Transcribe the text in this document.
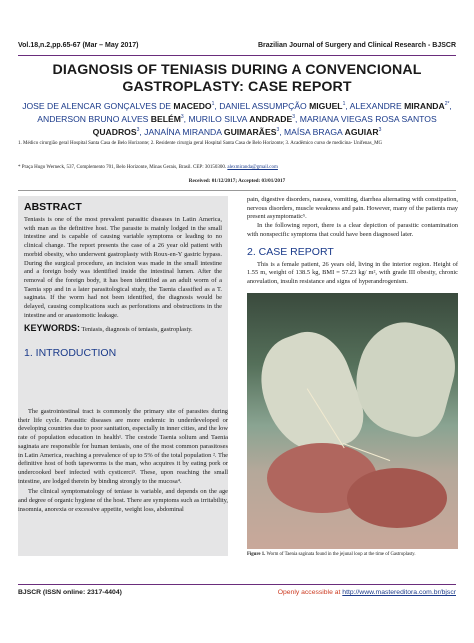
Vol.18,n.2,pp.65-67 (Mar – May 2017)	Brazilian Journal of Surgery and Clinical Research - BJSCR
DIAGNOSIS OF TENIASIS DURING A CONVENCIONAL
GASTROPLASTY: CASE REPORT
JOSE DE ALENCAR GONÇALVES DE MACEDO$^1$, DANIEL ASSUMPÇÃO MIGUEL$^1$, ALEXANDRE $MIRANDA^{2*}$, ANDERSON BRUNO ALVES BELÉM$^3$, MURILO SILVA ANDRADE$^3$, MARIANA VIEGAS ROSA SANTOS QUADROS$^3$, JANAÍNA MIRANDA GUIMARÃES$^3$, MAÍSA BRAGA AGUIAR$^3$
1. Médico cirurgião geral Hospital Santa Casa de Belo Horizonte; 2. Residente cirurgia geral Hospital Santa Casa de Belo Horizonte; 3. Acadêmico curso de medicina- Unifenas_MG
* Praça Hugo Werneck, 537, Complemento 701, Belo Horizonte, Minas Gerais, Brasil. CEP: 30150300. alexmiranda@gmail.com
Received: 01/12/2017; Accepted: 03/01/2017
ABSTRACT

Teniasis is one of the most prevalent parasitic diseases in Latin America, with man as the definitive host. The parasite is mainly lodged in the small intestine and is capable of causing variable symptoms or leading to no clinical change. The report presents the case of a 26 year old patient with morbid obesity, who underwent gastroplasty with Roux-en-Y gastric bypass. During the surgical procedure, an incision was made in the small intestine and a foreign body was identified inside the intestinal lumen. After the removal of the foreign body, it has been identified as an adult worm of a Taenia spp and in a later parasitological study, the Taenia classified as a T. saginata. If the worm had not been identified, the diagnosis would be delayed, causing complications such as perforations and obstructions in the intestine and or anastomotic leakage.

KEYWORDS: Teniasis, diagnosis of teniasis, gastroplasty.
1. INTRODUCTION

The gastrointestinal tract is commonly the primary site of parasites during their life cycle. Parasitic diseases are more endemic in underdeveloped or developing countries due to poor sanitation, especially in inner cities, and the low rate of population education in health¹. The cestode Taenia solium and Taenia saginata are responsible for human teniasis, one of the most common parasitoses in Latin America, reaching a prevalence of up to 5% of the total population ². The definitive host of both tapeworms is the man, who acquires it by eating pork or undercooked beef infected with cysticerci³. These, upon reaching the small intestine, are lodged therein by binding strongly to the mucosa⁴.

The clinical symptomatology of teniase is variable, and depends on the age and degree of organic hygiene of the host. There are symptoms such as irritability, insomnia, anorexia or excessive appetite, weight loss, abdominal

pain, digestive disorders, nausea, vomiting, diarrhea alternating with constipation, nervous disorders, muscle weakness and pain. However, many of the patients may present asymptomatic⁵.

In the following report, there is a clear depiction of parasitic contamination with nonspecific symptoms that could have been diagnosed later.

2. CASE REPORT

This is a female patient, 26 years old, living in the interior region. Height of 1.55 m, weight of 138.5 kg, BMI = 57.23 kg/ m², with grade III obesity, chronic anovulation, insulin resistance and signs of hyperandrogenism.

Figure 1. Worm of Taenia saginata found in the jejunal loop at the time of Gastroplasty.
BJSCR (ISSN online: 2317-4404)	Openly accessible at http://www.mastereditora.com.br/bjscr
